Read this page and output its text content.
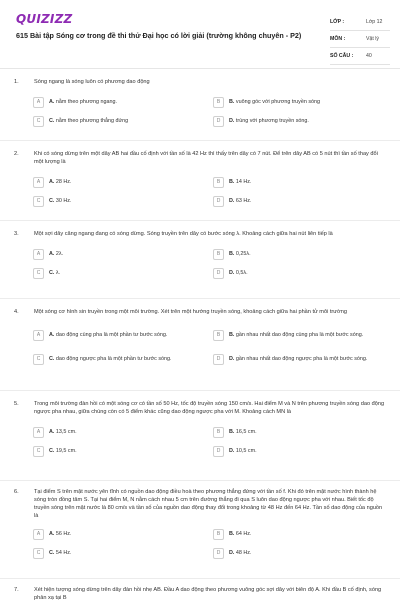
QUIZIZZ
615 Bài tập Sóng cơ trong đề thi thử Đại học có lời giải (trường không chuyên - P2)
LỚP :	Lớp 12
MÔN :	Vật lý
SỐ CÂU :	40
1.	Sóng ngang là sóng luôn có phương dao động
A	A. nằm theo phương ngang.	B	B. vuông góc với phương truyền sóng
C	C. nằm theo phương thẳng đứng	D	D. trùng với phương truyền sóng.
2.	Khi có sóng dừng trên một dây AB hai đầu cố định với tần số là 42 Hz thì thấy trên dây có 7 nút. Để trên dây AB có 5 nút thì tần số thay đổi một lượng là
A	A. 28 Hz.	B	B. 14 Hz.
C	C. 30 Hz.	D	D. 63 Hz.
3.	Một sợi dây căng ngang đang có sóng dừng. Sóng truyền trên dây có bước sóng λ. Khoảng cách giữa hai nút liên tiếp là
A	A. 2λ.	B	B. 0,25λ.
C	C. λ.	D	D. 0,5λ.
4.	Một sóng cơ hình sin truyền trong một môi trường. Xét trên một hướng truyền sóng, khoảng cách giữa hai phần tử môi trường
A	A. dao động cùng pha là một phần tư bước sóng.	B	B. gần nhau nhất dao động cùng pha là một bước sóng.
C	C. dao động ngược pha là một phần tư bước sóng.	D	D. gần nhau nhất dao động ngược pha là một bước sóng.
5.	Trong môi trường đàn hồi có một sóng cơ có tần số 50 Hz, tốc độ truyền sóng 150 cm/s. Hai điểm M và N trên phương truyền sóng dao động ngược pha nhau, giữa chúng còn có 5 điểm khác cũng dao động ngược pha với M. Khoảng cách MN là
A	A. 13,5 cm.	B	B. 16,5 cm.
C	C. 19,5 cm.	D	D. 10,5 cm.
6.	Tại điểm S trên mặt nước yên tĩnh có nguồn dao động điều hoà theo phương thẳng đứng với tần số f. Khi đó trên mặt nước hình thành hệ sóng tròn đồng tâm S. Tại hai điểm M, N nằm cách nhau 5 cm trên đường thẳng đi qua S luôn dao động ngược pha với nhau. Biết tốc độ truyền sóng trên mặt nước là 80 cm/s và tần số của nguồn dao động thay đổi trong khoảng từ 48 Hz đến 64 Hz. Tần số dao động của nguồn là
A	A. 56 Hz.	B	B. 64 Hz.
C	C. 54 Hz.	D	D. 48 Hz.
7.	Xét hiện tượng sóng dừng trên dây đàn hồi nhẹ AB. Đầu A dao động theo phương vuông góc sợi dây với biên độ A. Khi đầu B cố định, sóng phản xạ tại B
